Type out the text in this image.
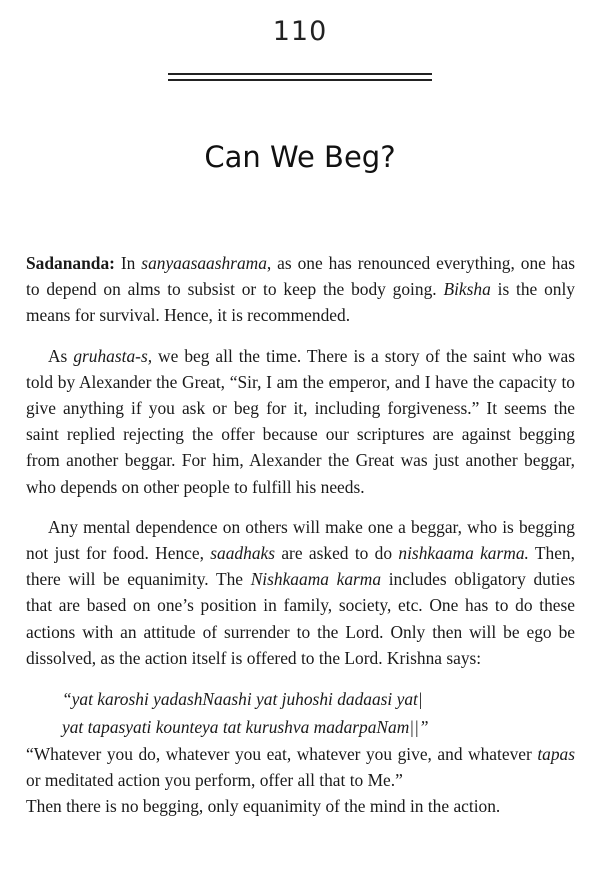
110
Can We Beg?

Sadananda: In sanyaasaashrama, as one has renounced everything, one has to depend on alms to subsist or to keep the body going. Biksha is the only means for survival. Hence, it is recommended.

As gruhasta-s, we beg all the time. There is a story of the saint who was told by Alexander the Great, “Sir, I am the emperor, and I have the capacity to give anything if you ask or beg for it, including forgiveness.” It seems the saint replied rejecting the offer because our scriptures are against begging from another beggar. For him, Alexander the Great was just another beggar, who depends on other people to fulfill his needs.

Any mental dependence on others will make one a beggar, who is begging not just for food. Hence, saadhaks are asked to do nishkaama karma. Then, there will be equanimity. The Nishkaama karma includes obligatory duties that are based on one’s position in family, society, etc. One has to do these actions with an attitude of surrender to the Lord. Only then will be ego be dissolved, as the action itself is offered to the Lord. Krishna says:

“yat karoshi yadashNaashi yat juhoshi dadaasi yat|
yat tapasyati kounteya tat kurushva madarpaNam||”

“Whatever you do, whatever you eat, whatever you give, and whatever tapas or meditated action you perform, offer all that to Me.”

Then there is no begging, only equanimity of the mind in the action.
